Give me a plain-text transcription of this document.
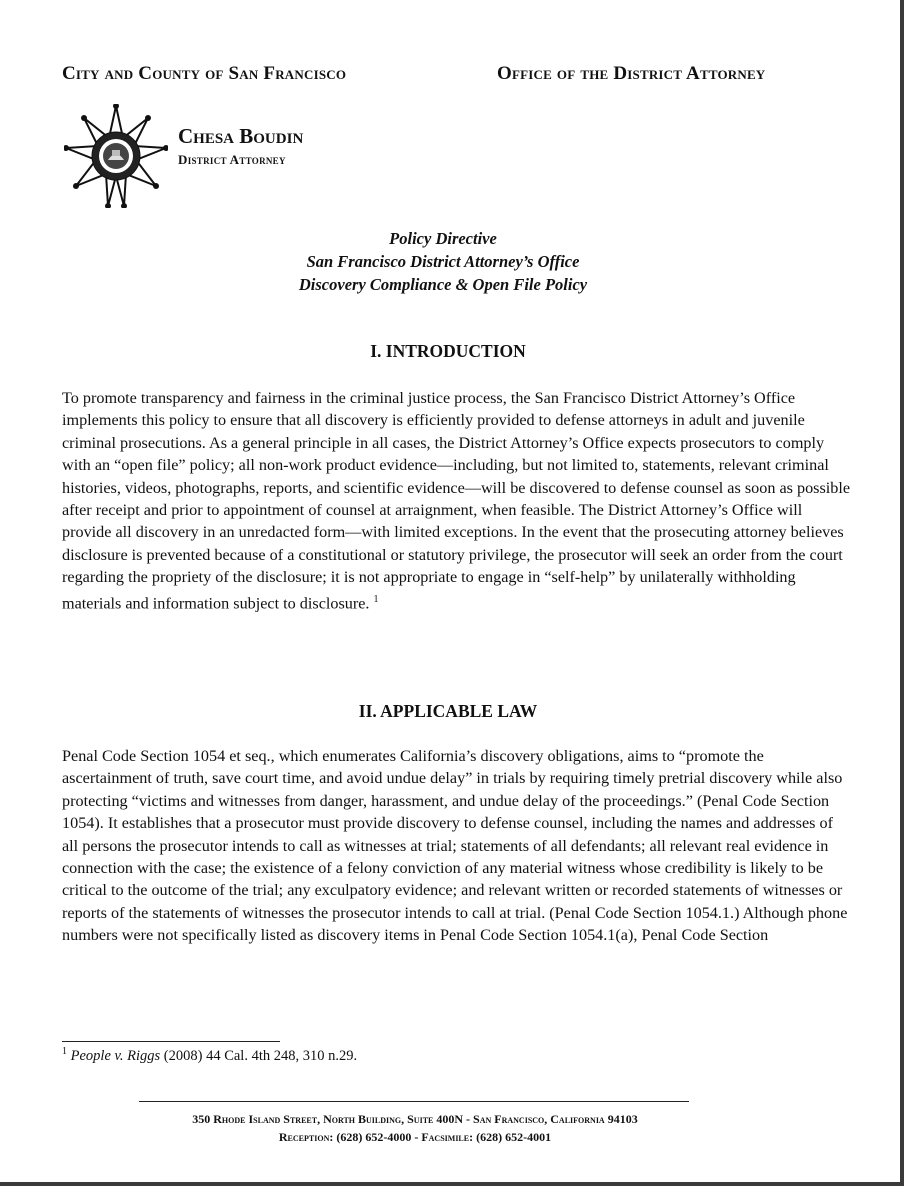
City and County of San Francisco	Office of the District Attorney
Chesa Boudin
District Attorney
Policy Directive
San Francisco District Attorney’s Office
Discovery Compliance & Open File Policy
I. INTRODUCTION
To promote transparency and fairness in the criminal justice process, the San Francisco District Attorney’s Office implements this policy to ensure that all discovery is efficiently provided to defense attorneys in adult and juvenile criminal prosecutions. As a general principle in all cases, the District Attorney’s Office expects prosecutors to comply with an “open file” policy; all non-work product evidence—including, but not limited to, statements, relevant criminal histories, videos, photographs, reports, and scientific evidence—will be discovered to defense counsel as soon as possible after receipt and prior to appointment of counsel at arraignment, when feasible. The District Attorney’s Office will provide all discovery in an unredacted form—with limited exceptions. In the event that the prosecuting attorney believes disclosure is prevented because of a constitutional or statutory privilege, the prosecutor will seek an order from the court regarding the propriety of the disclosure; it is not appropriate to engage in “self-help” by unilaterally withholding materials and information subject to disclosure. $^1$
II. APPLICABLE LAW
Penal Code Section 1054 et seq., which enumerates California’s discovery obligations, aims to “promote the ascertainment of truth, save court time, and avoid undue delay” in trials by requiring timely pretrial discovery while also protecting “victims and witnesses from danger, harassment, and undue delay of the proceedings.” (Penal Code Section 1054). It establishes that a prosecutor must provide discovery to defense counsel, including the names and addresses of all persons the prosecutor intends to call as witnesses at trial; statements of all defendants; all relevant real evidence in connection with the case; the existence of a felony conviction of any material witness whose credibility is likely to be critical to the outcome of the trial; any exculpatory evidence; and relevant written or recorded statements of witnesses or reports of the statements of witnesses the prosecutor intends to call at trial. (Penal Code Section 1054.1.) Although phone numbers were not specifically listed as discovery items in Penal Code Section 1054.1(a), Penal Code Section
$^1$ People v. Riggs (2008) 44 Cal. 4th 248, 310 n.29.
350 Rhode Island Street, North Building, Suite 400N - San Francisco, California 94103
Reception: (628) 652-4000 - Facsimile: (628) 652-4001
